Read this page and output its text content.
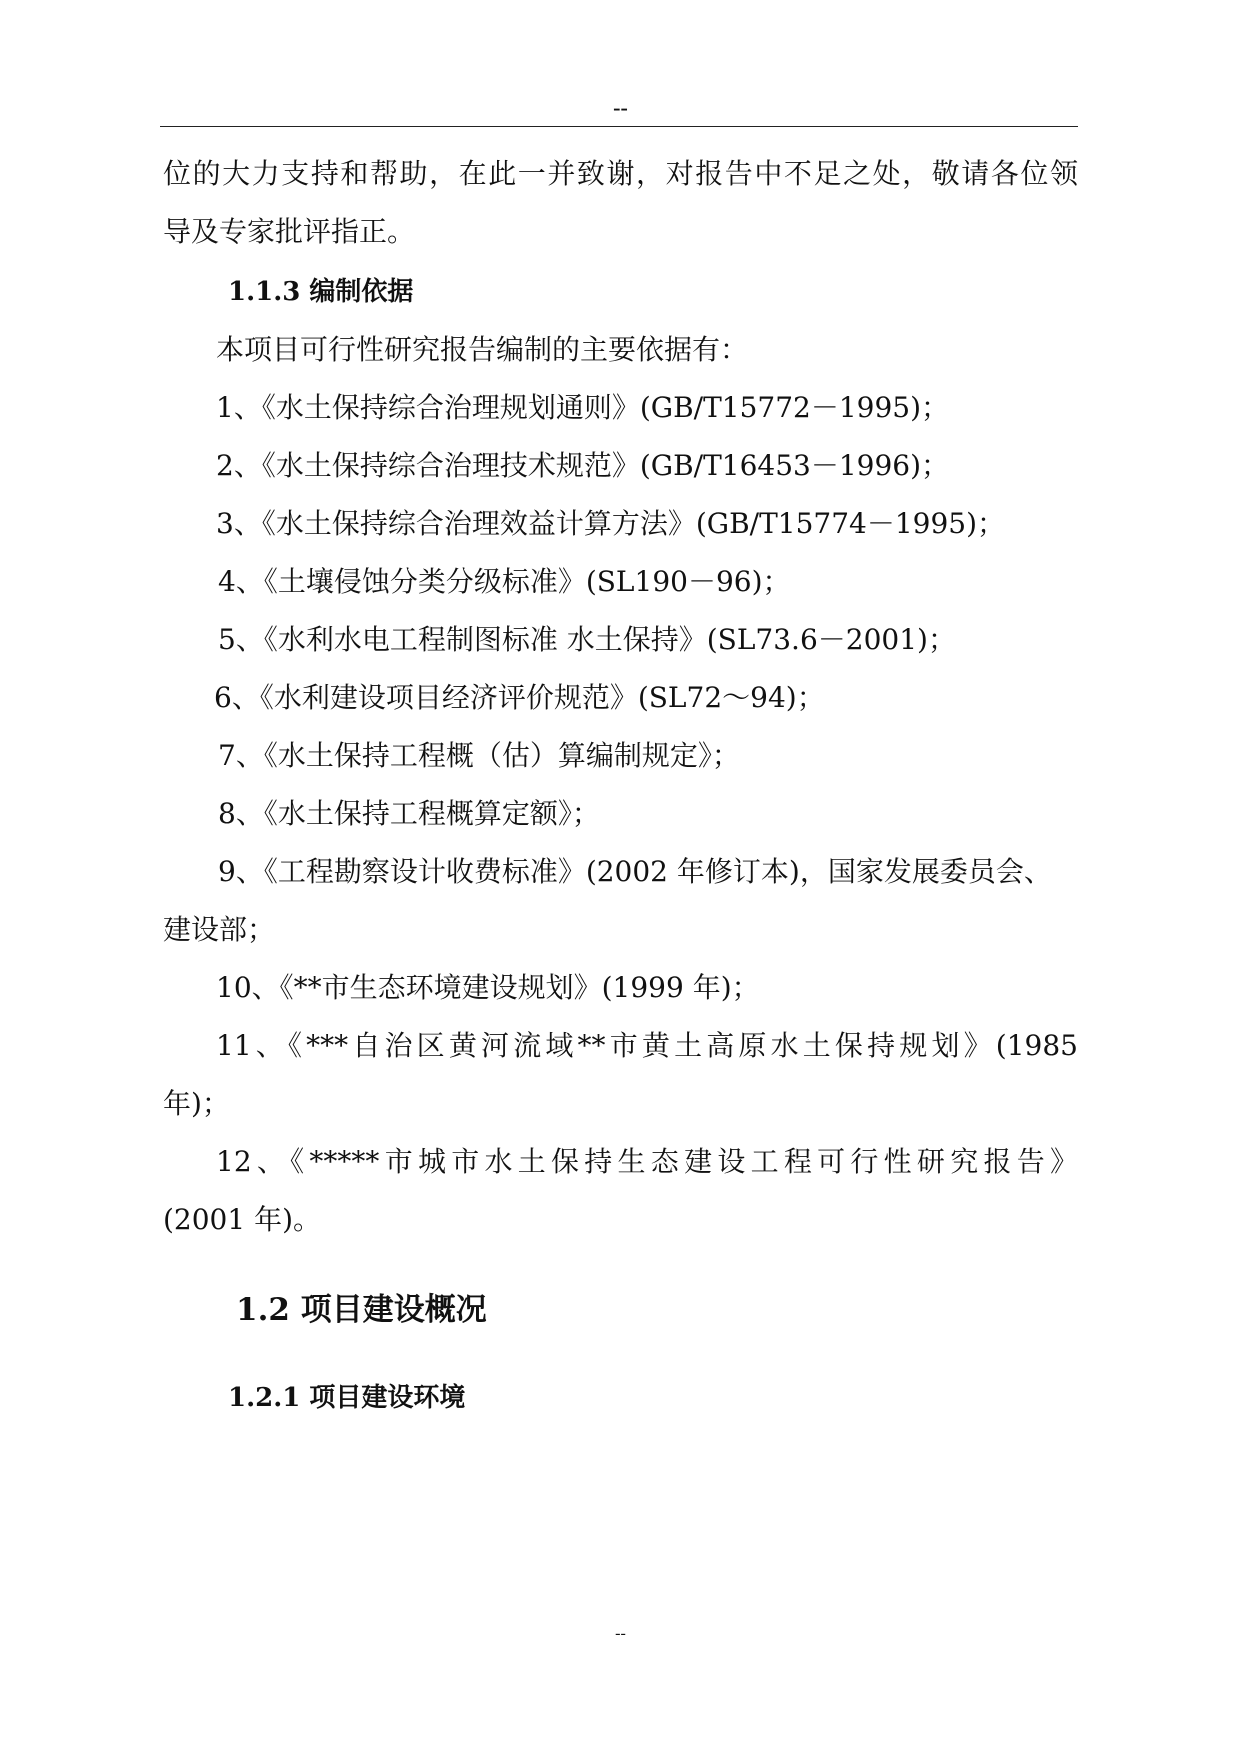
--
位的大力支持和帮助，在此一并致谢，对报告中不足之处，敬请各位领
导及专家批评指正。
1.1.3 编制依据
本项目可行性研究报告编制的主要依据有：
1、《水土保持综合治理规划通则》(GB/T15772－1995)；
2、《水土保持综合治理技术规范》(GB/T16453－1996)；
3、《水土保持综合治理效益计算方法》(GB/T15774－1995)；
4、《土壤侵蚀分类分级标准》(SL190－96)；
5、《水利水电工程制图标准 水土保持》(SL73.6－2001)；
6、《水利建设项目经济评价规范》(SL72～94)；
7、《水土保持工程概（估）算编制规定》；
8、《水土保持工程概算定额》；
9、《工程勘察设计收费标准》(2002 年修订本)，国家发展委员会、
建设部；
10、《**市生态环境建设规划》(1999 年)；
11、《***自治区黄河流域**市黄土高原水土保持规划》(1985
年)；
12、《*****市城市水土保持生态建设工程可行性研究报告》
(2001 年)。
1.2 项目建设概况
1.2.1 项目建设环境
--
